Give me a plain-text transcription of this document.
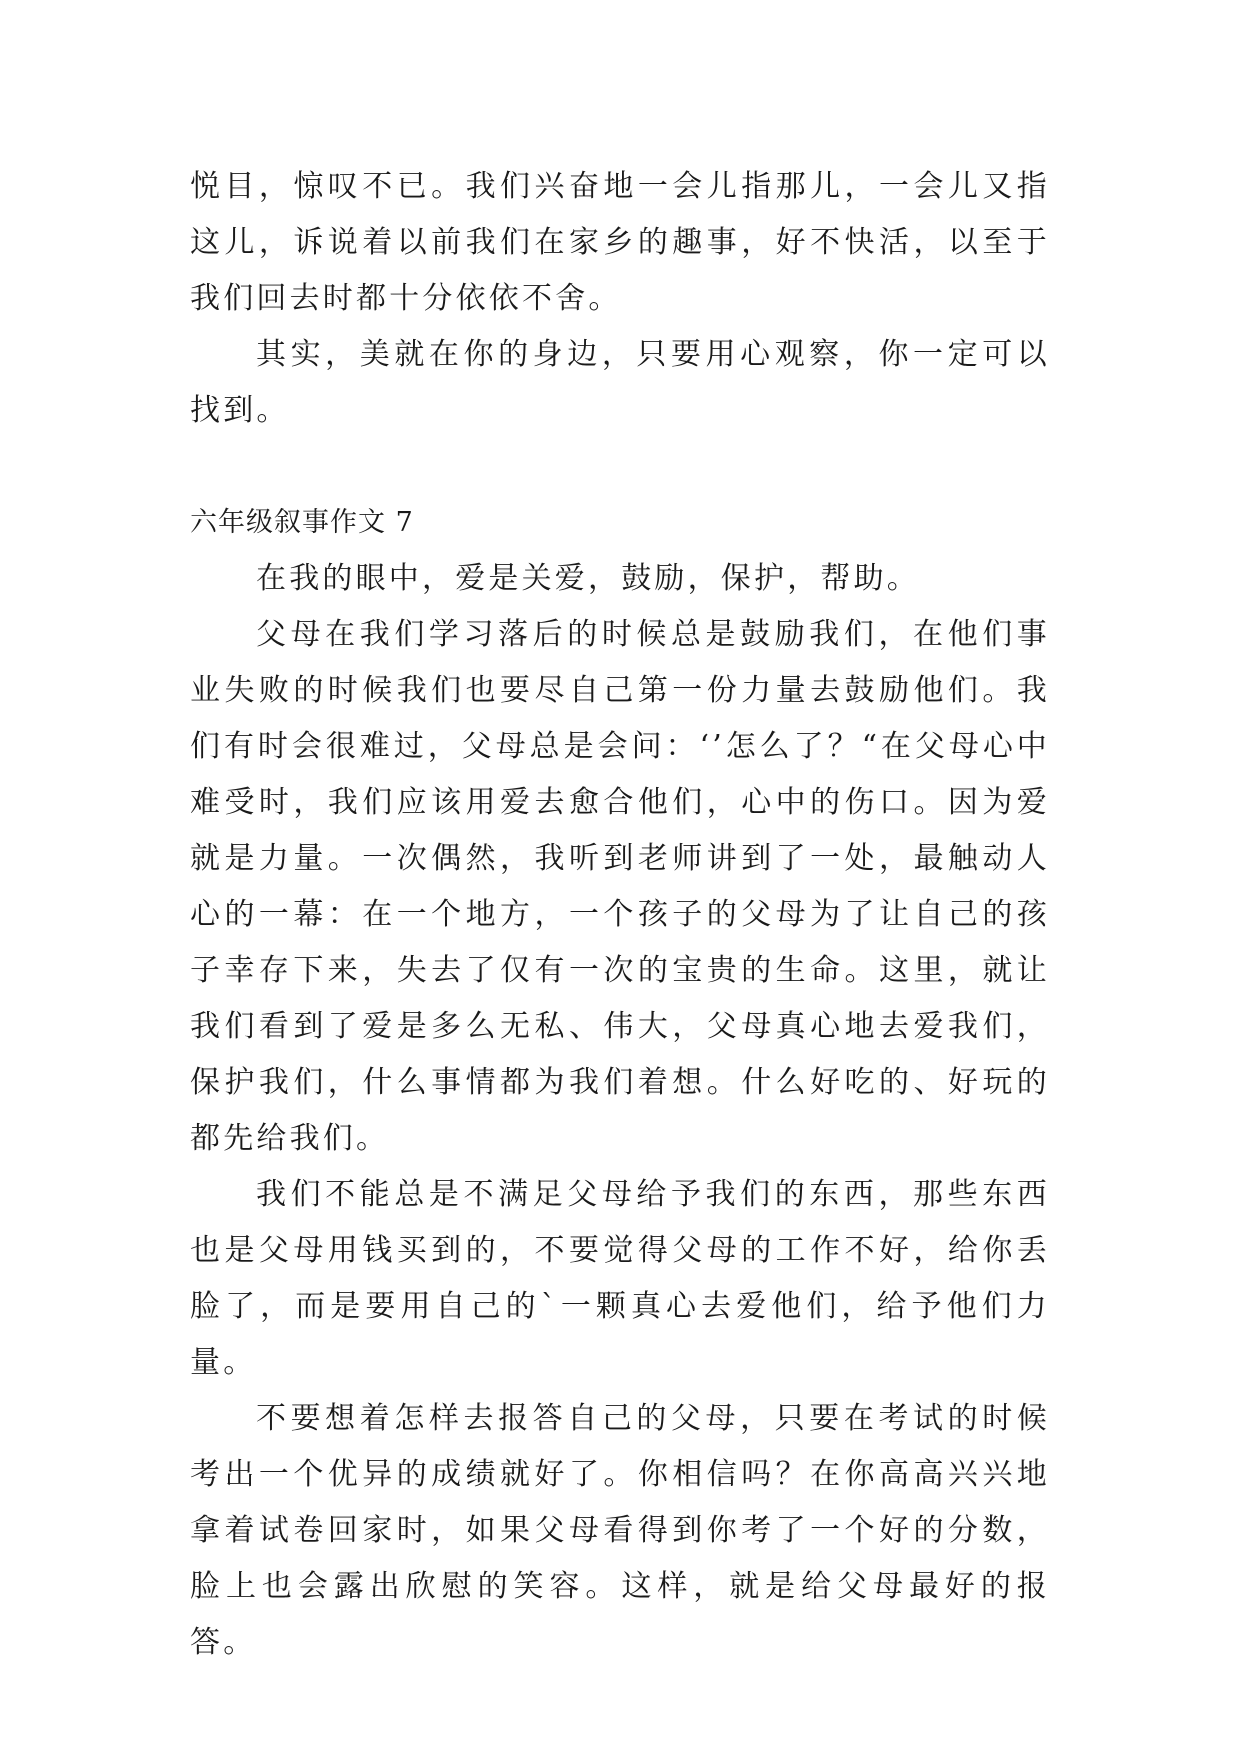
悦目，惊叹不已。我们兴奋地一会儿指那儿，一会儿又指这儿，诉说着以前我们在家乡的趣事，好不快活，以至于我们回去时都十分依依不舍。

其实，美就在你的身边，只要用心观察，你一定可以找到。

六年级叙事作文 7

在我的眼中，爱是关爱，鼓励，保护，帮助。

父母在我们学习落后的时候总是鼓励我们，在他们事业失败的时候我们也要尽自己第一份力量去鼓励他们。我们有时会很难过，父母总是会问：‘’怎么了？“在父母心中难受时，我们应该用爱去愈合他们，心中的伤口。因为爱就是力量。一次偶然，我听到老师讲到了一处，最触动人心的一幕：在一个地方，一个孩子的父母为了让自己的孩子幸存下来，失去了仅有一次的宝贵的生命。这里，就让我们看到了爱是多么无私、伟大，父母真心地去爱我们，保护我们，什么事情都为我们着想。什么好吃的、好玩的都先给我们。

我们不能总是不满足父母给予我们的东西，那些东西也是父母用钱买到的，不要觉得父母的工作不好，给你丢脸了，而是要用自己的`一颗真心去爱他们，给予他们力量。

不要想着怎样去报答自己的父母，只要在考试的时候考出一个优异的成绩就好了。你相信吗？在你高高兴兴地拿着试卷回家时，如果父母看得到你考了一个好的分数，脸上也会露出欣慰的笑容。这样，就是给父母最好的报答。
